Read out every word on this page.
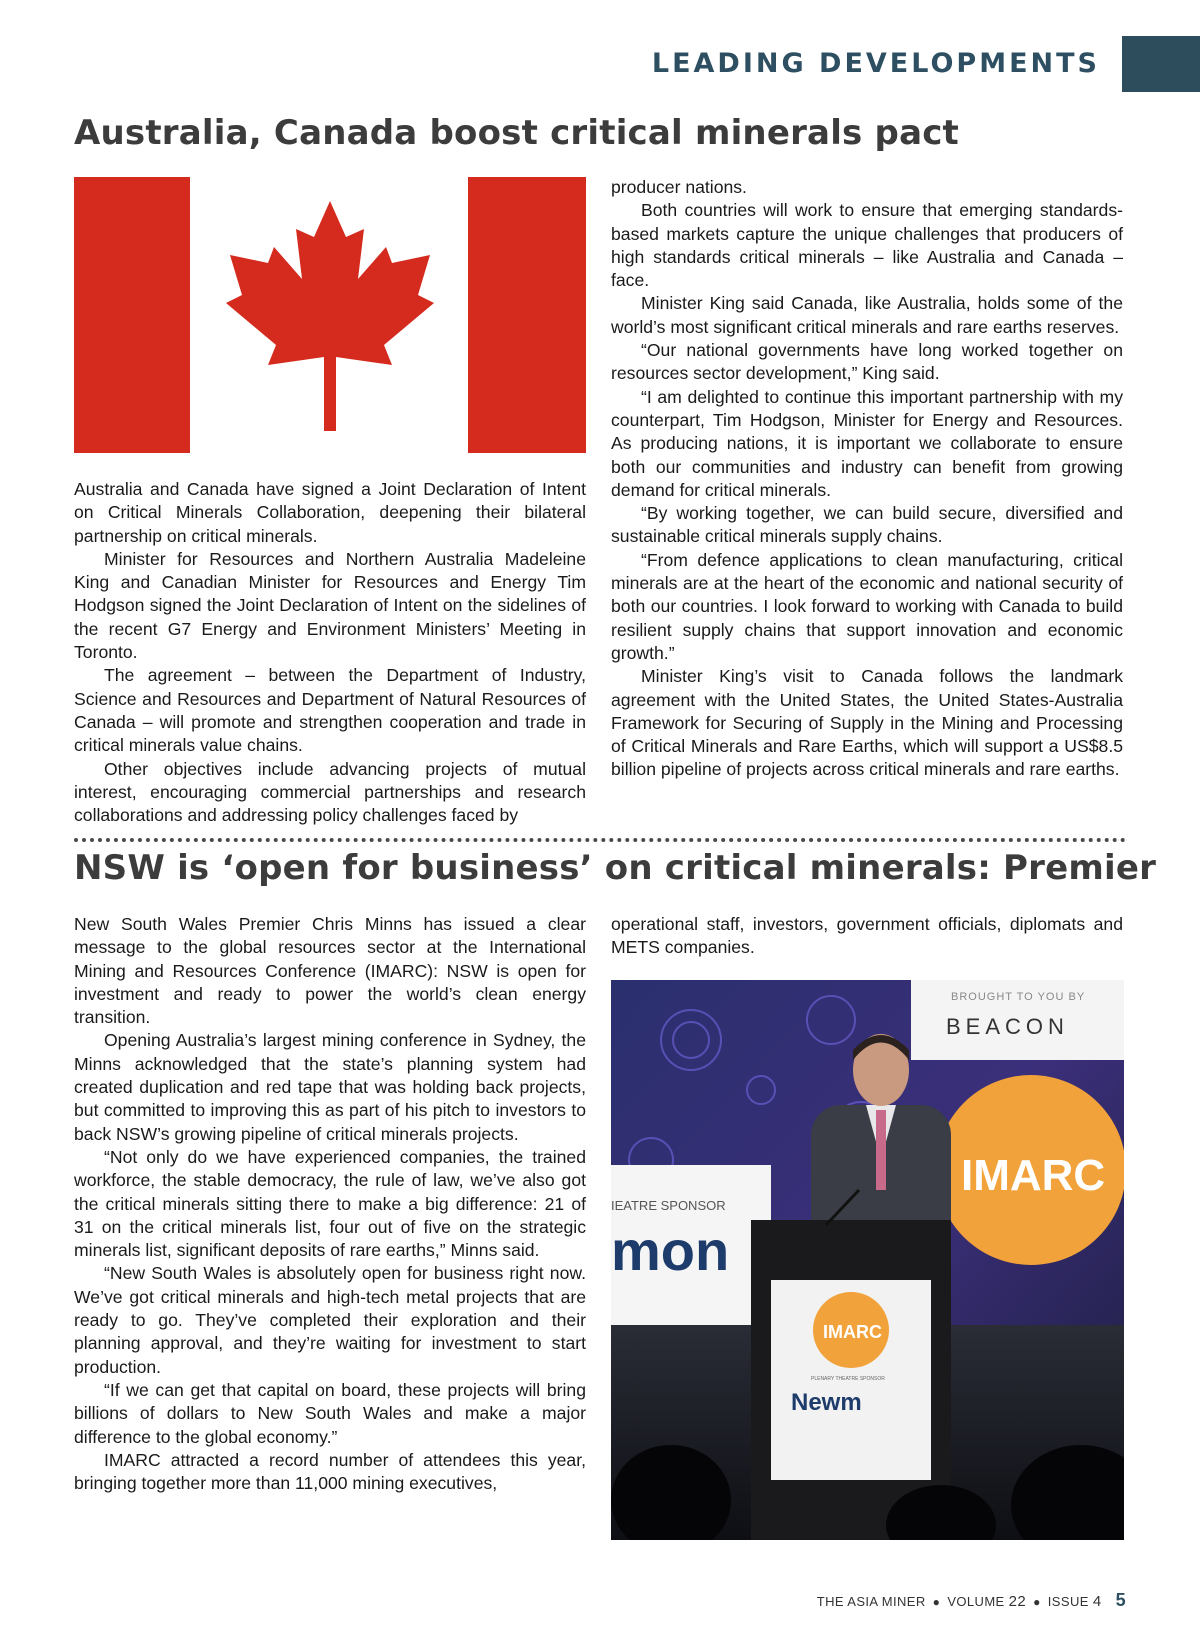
LEADING DEVELOPMENTS
Australia, Canada boost critical minerals pact

Australia and Canada have signed a Joint Declaration of Intent on Critical Minerals Collaboration, deepening their bilateral partnership on critical minerals.

Minister for Resources and Northern Australia Madeleine King and Canadian Minister for Resources and Energy Tim Hodgson signed the Joint Declaration of Intent on the sidelines of the recent G7 Energy and Environment Ministers’ Meeting in Toronto.

The agreement – between the Department of Industry, Science and Resources and Department of Natural Resources of Canada – will promote and strengthen cooperation and trade in critical minerals value chains.

Other objectives include advancing projects of mutual interest, encouraging commercial partnerships and research collaborations and addressing policy challenges faced by

producer nations.

Both countries will work to ensure that emerging standards-based markets capture the unique challenges that producers of high standards critical minerals – like Australia and Canada – face.

Minister King said Canada, like Australia, holds some of the world’s most significant critical minerals and rare earths reserves.

“Our national governments have long worked together on resources sector development,” King said.

“I am delighted to continue this important partnership with my counterpart, Tim Hodgson, Minister for Energy and Resources. As producing nations, it is important we collaborate to ensure both our communities and industry can benefit from growing demand for critical minerals.

“By working together, we can build secure, diversified and sustainable critical minerals supply chains.

“From defence applications to clean manufacturing, critical minerals are at the heart of the economic and national security of both our countries. I look forward to working with Canada to build resilient supply chains that support innovation and economic growth.”

Minister King’s visit to Canada follows the landmark agreement with the United States, the United States-Australia Framework for Securing of Supply in the Mining and Processing of Critical Minerals and Rare Earths, which will support a US$8.5 billion pipeline of projects across critical minerals and rare earths.

NSW is ‘open for business’ on critical minerals: Premier

New South Wales Premier Chris Minns has issued a clear message to the global resources sector at the International Mining and Resources Conference (IMARC): NSW is open for investment and ready to power the world’s clean energy transition.

Opening Australia’s largest mining conference in Sydney, the Minns acknowledged that the state’s planning system had created duplication and red tape that was holding back projects, but committed to improving this as part of his pitch to investors to back NSW’s growing pipeline of critical minerals projects.

“Not only do we have experienced companies, the trained workforce, the stable democracy, the rule of law, we’ve also got the critical minerals sitting there to make a big difference: 21 of 31 on the critical minerals list, four out of five on the strategic minerals list, significant deposits of rare earths,” Minns said.

“New South Wales is absolutely open for business right now. We’ve got critical minerals and high-tech metal projects that are ready to go. They’ve completed their exploration and their planning approval, and they’re waiting for investment to start production.

“If we can get that capital on board, these projects will bring billions of dollars to New South Wales and make a major difference to the global economy.”

IMARC attracted a record number of attendees this year, bringing together more than 11,000 mining executives,

operational staff, investors, government officials, diplomats and METS companies.

BROUGHT TO YOU BY
BEACON
IEATRE SPONSOR
mon
IMARC
IMARC
PLENARY THEATRE SPONSOR
Newm
THE ASIA MINER ● VOLUME 22 ● ISSUE 4 5
